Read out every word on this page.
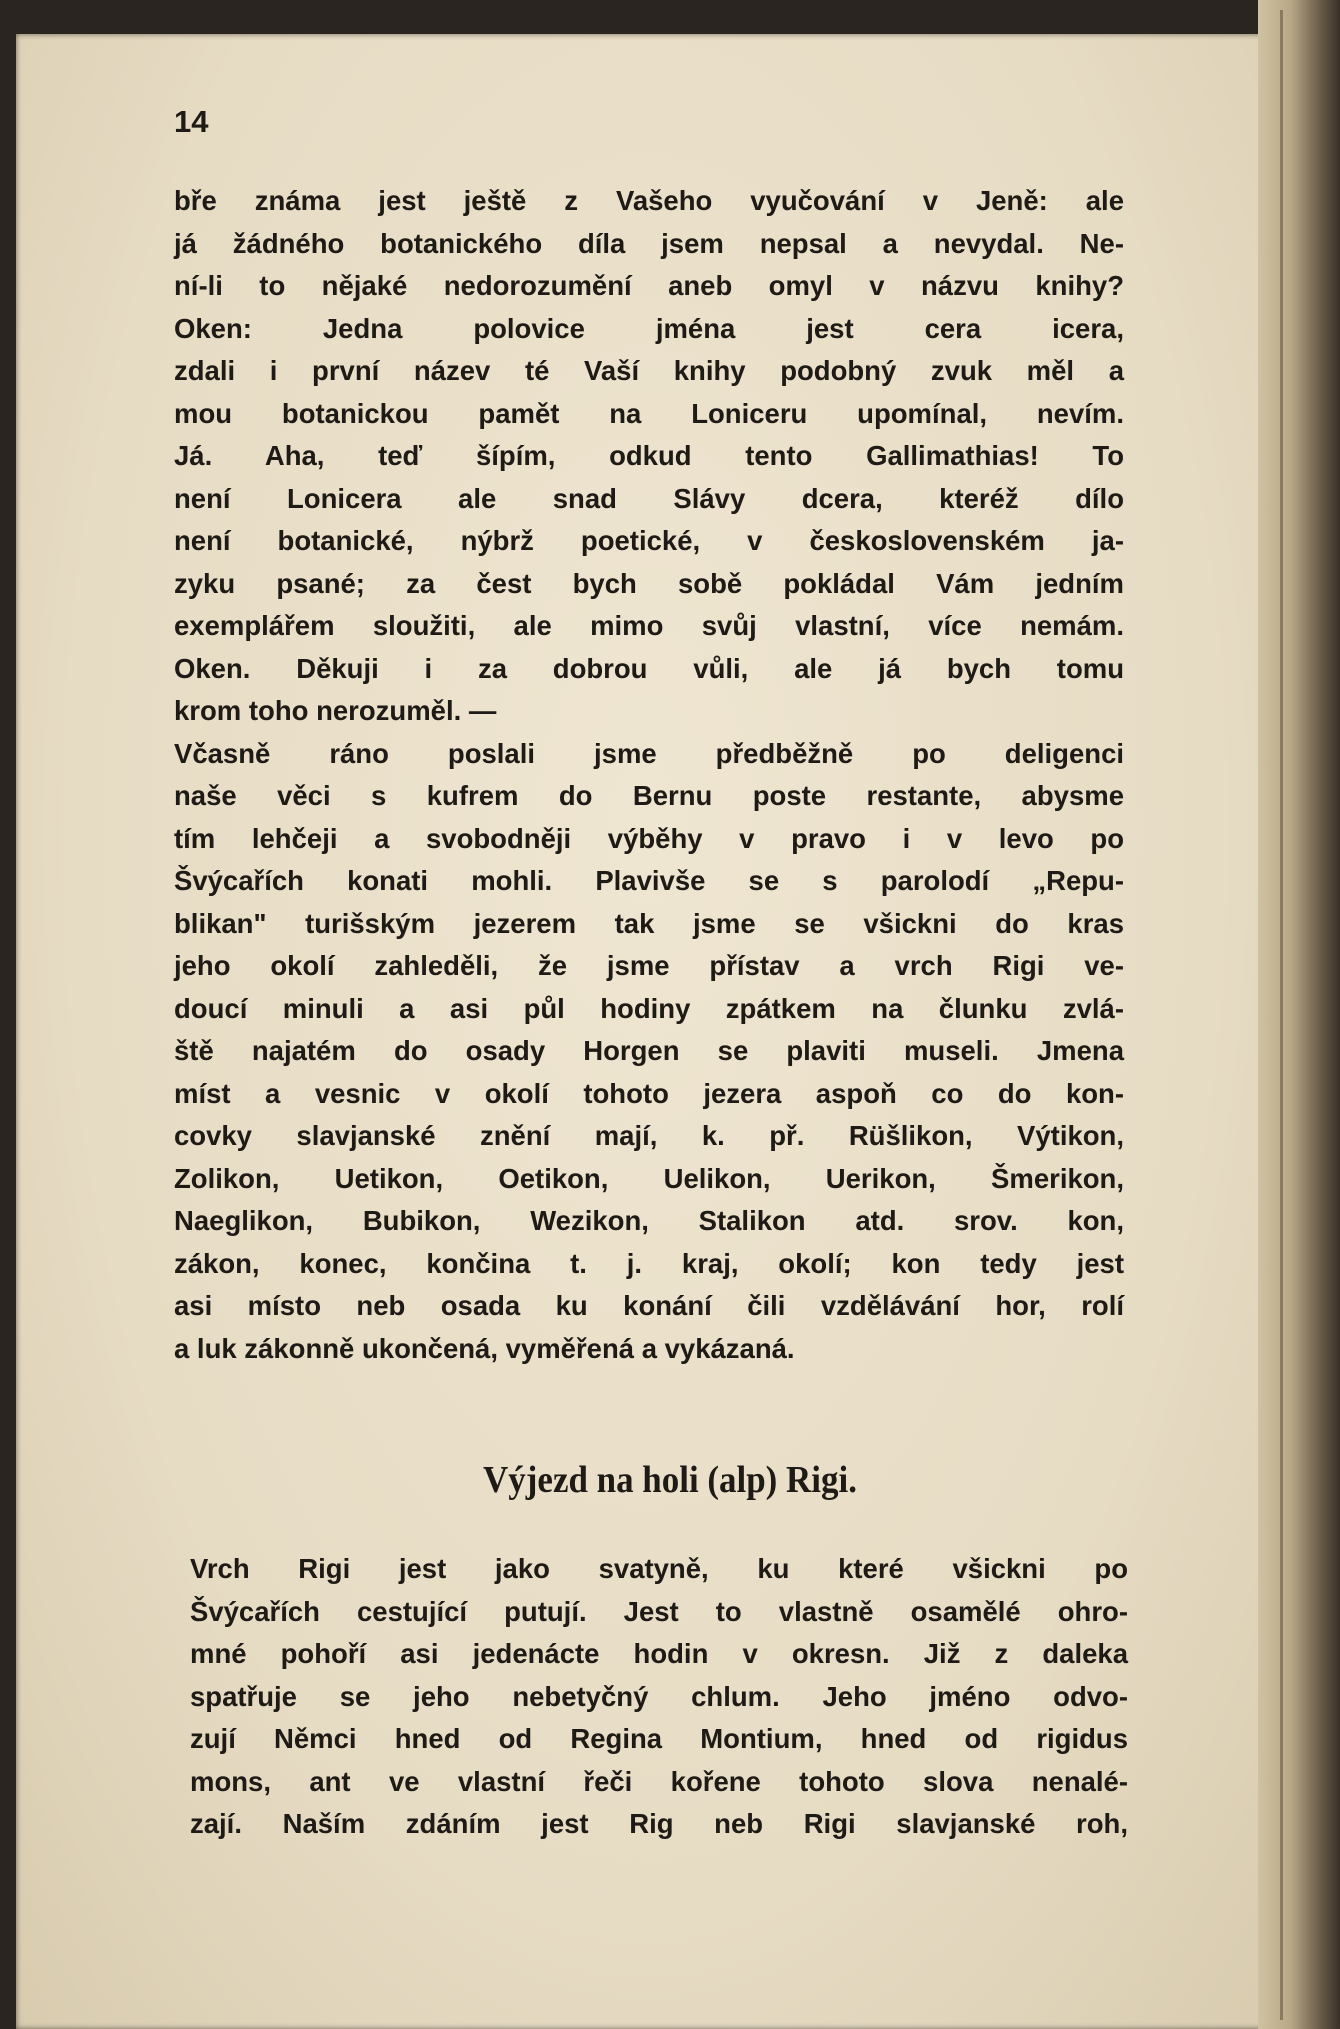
14
bře známa jest ještě z Vašeho vyučování v Jeně: ale
já žádného botanického díla jsem nepsal a nevydal. Ne-
ní-li to nějaké nedorozumění aneb omyl v názvu knihy?
Oken: Jedna polovice jména jest cera icera,
zdali i první název té Vaší knihy podobný zvuk měl a
mou botanickou pamět na Loniceru upomínal, nevím.
Já. Aha, teď šípím, odkud tento Gallimathias! To
není Lonicera ale snad Slávy dcera, kteréž dílo
není botanické, nýbrž poetické, v československém ja-
zyku psané; za čest bych sobě pokládal Vám jedním
exemplářem sloužiti, ale mimo svůj vlastní, více nemám.
Oken. Děkuji i za dobrou vůli, ale já bych tomu
krom toho nerozuměl. —
Včasně ráno poslali jsme předběžně po deligenci
naše věci s kufrem do Bernu poste restante, abysme
tím lehčeji a svobodněji výběhy v pravo i v levo po
Švýcařích konati mohli. Plavivše se s parolodí „Repu-
blikan" turišským jezerem tak jsme se všickni do kras
jeho okolí zahleděli, že jsme přístav a vrch Rigi ve-
doucí minuli a asi půl hodiny zpátkem na člunku zvlá-
ště najatém do osady Horgen se plaviti museli. Jmena
míst a vesnic v okolí tohoto jezera aspoň co do kon-
covky slavjanské znění mají, k. př. Rüšlikon, Výtikon,
Zolikon, Uetikon, Oetikon, Uelikon, Uerikon, Šmerikon,
Naeglikon, Bubikon, Wezikon, Stalikon atd. srov. kon,
zákon, konec, končina t. j. kraj, okolí; kon tedy jest
asi místo neb osada ku konání čili vzdělávání hor, rolí
a luk zákonně ukončená, vyměřená a vykázaná.
Výjezd na holi (alp) Rigi.
Vrch Rigi jest jako svatyně, ku které všickni po
Švýcařích cestující putují. Jest to vlastně osamělé ohro-
mné pohoří asi jedenácte hodin v okresn. Již z daleka
spatřuje se jeho nebetyčný chlum. Jeho jméno odvo-
zují Němci hned od Regina Montium, hned od rigidus
mons, ant ve vlastní řeči kořene tohoto slova nenalé-
zají. Naším zdáním jest Rig neb Rigi slavjanské roh,
